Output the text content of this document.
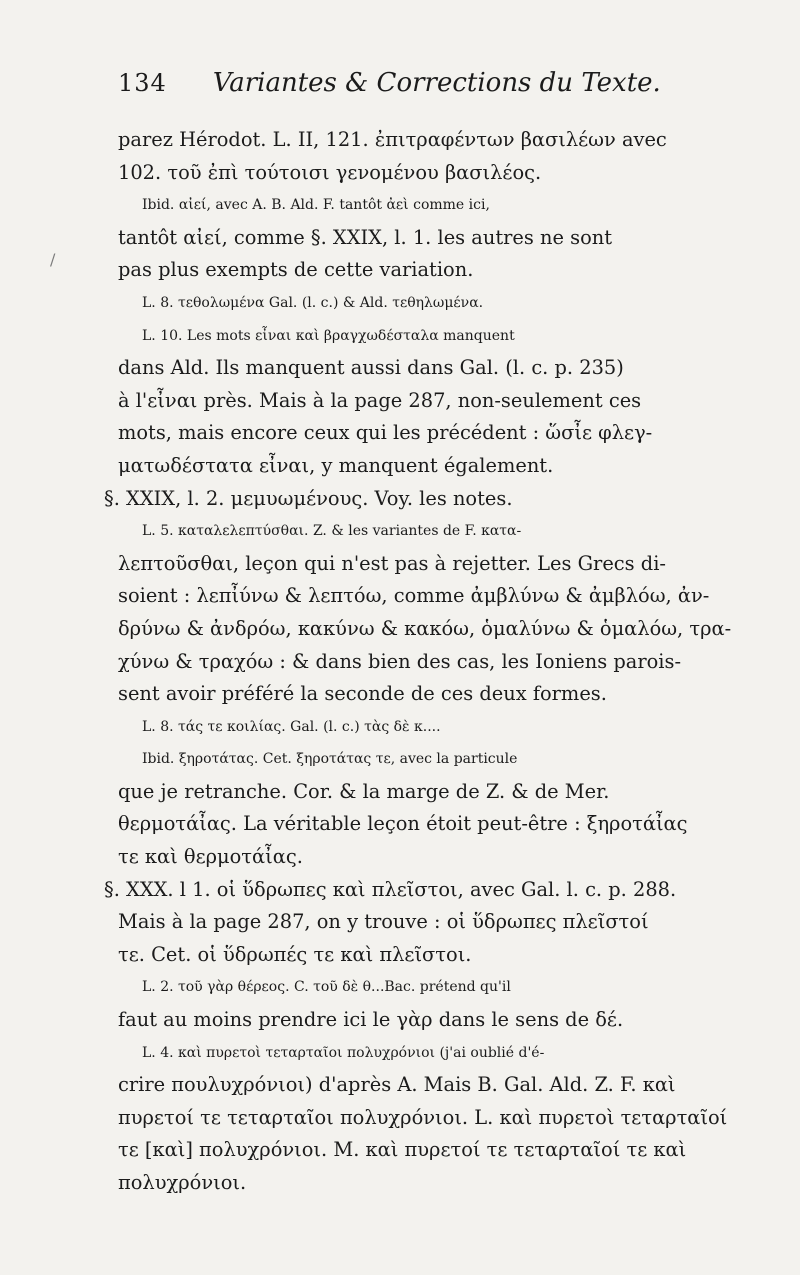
134 Variantes & Corrections du Texte.
parez Hérodot. L. II, 121. ἐπιτραφέντων βασιλέων avec
102. τοῦ ἐπὶ τούτοισι γενομένου βασιλέος.
Ibid. αἰεί, avec A. B. Ald. F. tantôt ἀεὶ comme ici,
tantôt αἰεί, comme §. XXIX, l. 1. les autres ne sont
pas plus exempts de cette variation.
L. 8. τεθολωμένα Gal. (l. c.) & Ald. τεθηλωμένα.
L. 10. Les mots εἶναι καὶ βραγχωδέσταλα manquent
dans Ald. Ils manquent aussi dans Gal. (l. c. p. 235)
à l'εἶναι près. Mais à la page 287, non-seulement ces
mots, mais encore ceux qui les précédent : ὥσἶε φλεγ-
ματωδέστατα εἶναι, y manquent également.
§. XXIX, l. 2. μεμυωμένους. Voy. les notes.
L. 5. καταλελεπτύσθαι. Z. & les variantes de F. κατα-
λεπτοῦσθαι, leçon qui n'est pas à rejetter. Les Grecs di-
soient : λεπἶύνω & λεπτόω, comme ἀμβλύνω & ἀμβλόω, ἀν-
δρύνω & ἀνδρόω, κακύνω & κακόω, ὁμαλύνω & ὁμαλόω, τρα-
χύνω & τραχόω : & dans bien des cas, les Ioniens parois-
sent avoir préféré la seconde de ces deux formes.
L. 8. τάς τε κοιλίας. Gal. (l. c.) τὰς δὲ κ....
Ibid. ξηροτάτας. Cet. ξηροτάτας τε, avec la particule
que je retranche. Cor. & la marge de Z. & de Mer.
θερμοτάἶας. La véritable leçon étoit peut-être : ξηροτάἶας
τε καὶ θερμοτάἶας.
§. XXX. l 1. οἱ ὕδρωπες καὶ πλεῖστοι, avec Gal. l. c. p. 288.
Mais à la page 287, on y trouve : οἱ ὕδρωπες πλεῖστοί
τε. Cet. οἱ ὕδρωπές τε καὶ πλεῖστοι.
L. 2. τοῦ γὰρ θέρεος. C. τοῦ δὲ θ...Bac. prétend qu'il
faut au moins prendre ici le γὰρ dans le sens de δέ.
L. 4. καὶ πυρετοὶ τεταρταῖοι πολυχρόνιοι (j'ai oublié d'é-
crire πουλυχρόνιοι) d'après A. Mais B. Gal. Ald. Z. F. καὶ
πυρετοί τε τεταρταῖοι πολυχρόνιοι. L. καὶ πυρετοὶ τεταρταῖοί
τε [καὶ] πολυχρόνιοι. M. καὶ πυρετοί τε τεταρταῖοί τε καὶ
πολυχρόνιοι.
/
